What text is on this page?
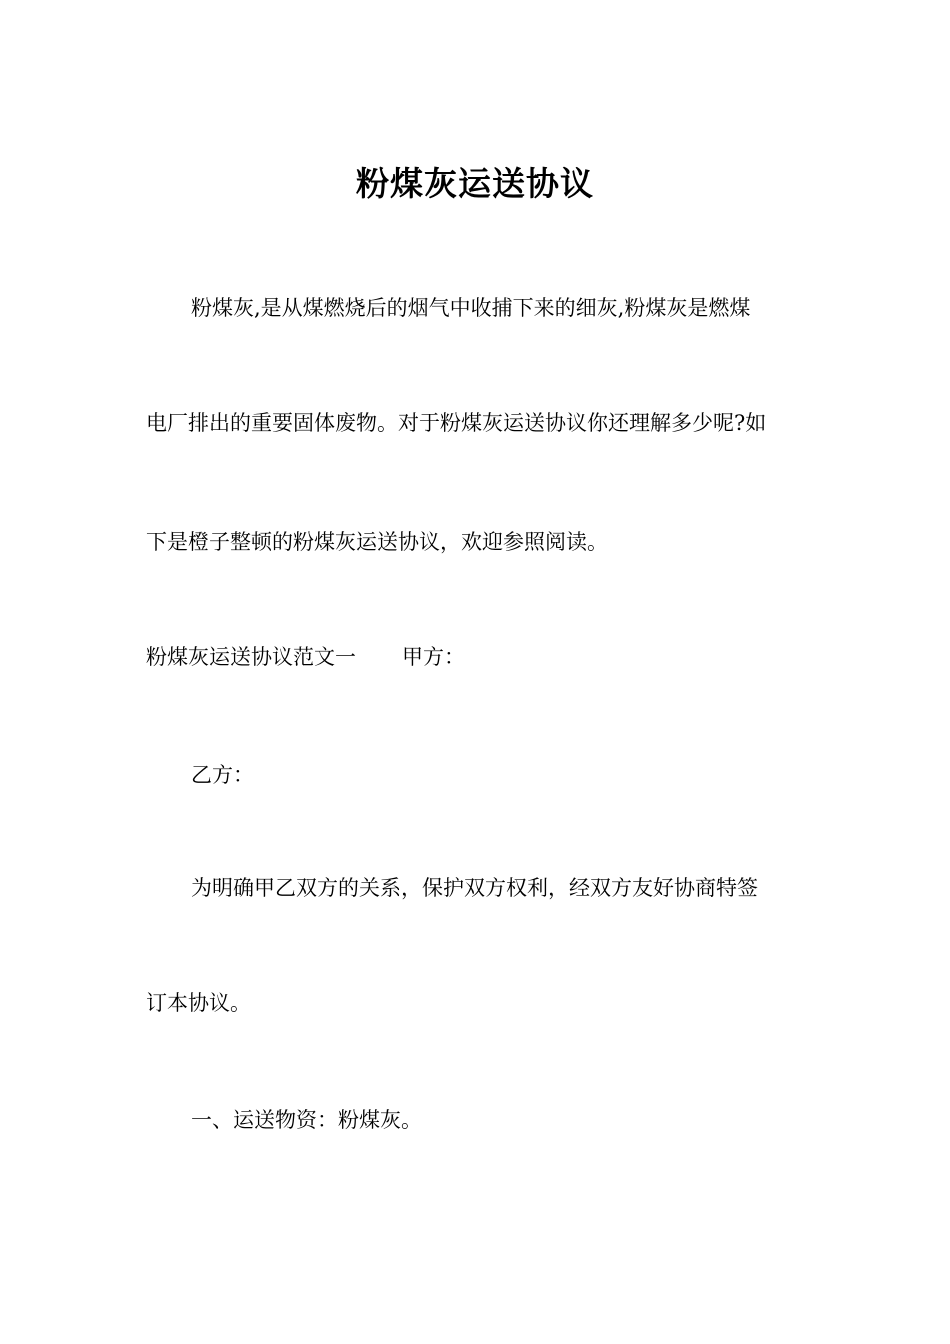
粉煤灰运送协议
粉煤灰,是从煤燃烧后的烟气中收捕下来的细灰,粉煤灰是燃煤
电厂排出的重要固体废物。对于粉煤灰运送协议你还理解多少呢?如
下是橙子整顿的粉煤灰运送协议，欢迎参照阅读。
粉煤灰运送协议范文一 甲方：
乙方：
为明确甲乙双方的关系，保护双方权利，经双方友好协商特签
订本协议。
一、运送物资：粉煤灰。
